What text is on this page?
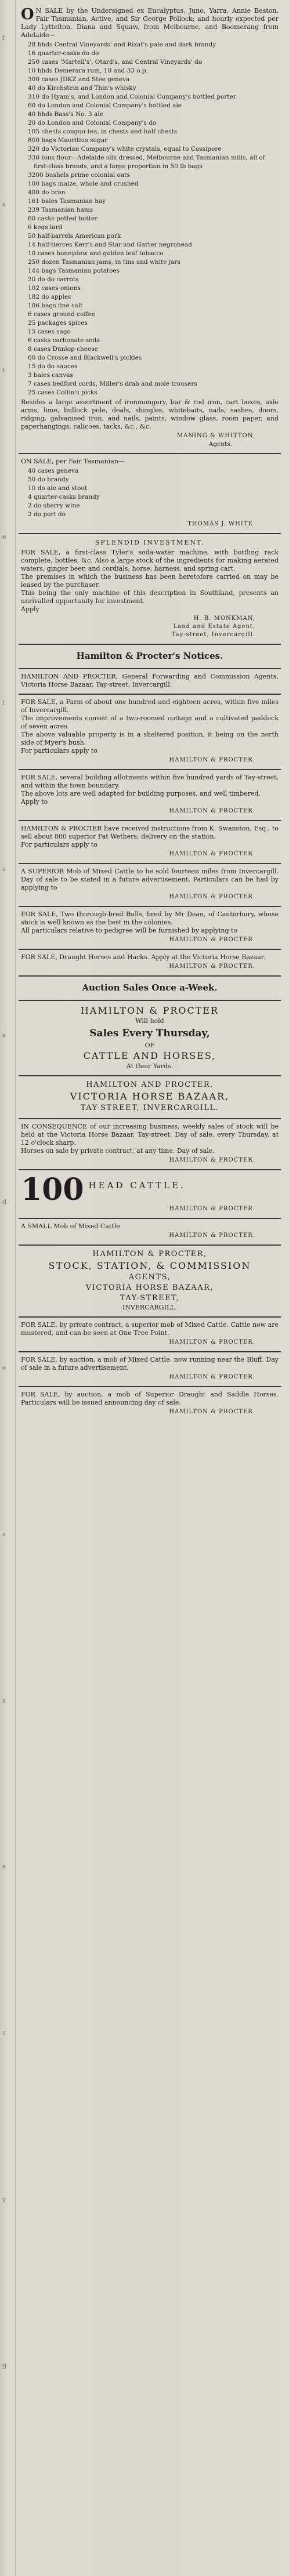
f
s
t
e
l
s
s
d
e
s
s
s
c
y
g

O N SALE by the Undersigned ex Eucalyptus, Juno, Yarra, Annie Beston, Fair Tasmanian, Active, and Sir George Pollock; and hourly expected per Lady Lyttelton, Diana and Squaw, from Melbourne, and Boomerang from Adelaide—

28 hhds Central Vineyards' and Rizat's pale and dark brandy
16 quarter-casks do do
250 cases 'Martell's', Otard's, and Central Vineyards' do
10 hhds Demerara rum, 10 and 33 o.p.
300 cases JDKZ and Stee geneva
40 do Kirchstein and Thin's whisky
310 do Hyam's, and London and Colonial Company's bottled porter
60 do London and Colonial Company's bottled ale
40 hhds Bass's No. 3 ale
20 do London and Colonial Company's do
105 chests congou tea, in chests and half chests
800 bags Mauritius sugar
320 do Victorian Company's white crystals, equal to Cossipore
330 tons flour—Adelaide silk dressed, Melbourne and Tasmanian mills, all of first-class brands, and a large proportion in 50 lb bags
3200 bushels prime colonial oats
100 bags maize, whole and crushed
400 do bran
161 bales Tasmanian hay
239 Tasmanian hams
60 casks potted butter
6 kegs lard
50 half-barrels American pork
14 half-tierces Kerr's and Star and Garter negrohead
10 cases honeydew and golden leaf tobacco
250 dozen Tasmanian jams, in tins and white jars
144 bags Tasmanian potatoes
20 do do carrots
102 cases onions
182 do apples
106 bags fine salt
6 cases ground coffee
25 packages spices
15 cases sago
6 casks carbonate soda
8 cases Dunlop cheese
60 do Crosse and Blackwell's pickles
15 do do sauces
3 bales canvas
7 cases bedford cords, Miller's drab and mole trousers
25 cases Collin's picks

Besides a large assortment of ironmongery, bar & rod iron, cart boxes, axle arms, lime, bullock pole, deals, shingles, whitebaits, nails, sashes, doors, ridging, galvanised iron, and nails, paints, window glass, room paper, and paperhangings, calicoes, tacks, &c., &c.

MANING & WHITTON,
Agents.

ON SALE, per Fair Tasmanian—

40 cases geneva
50 do brandy
10 do ale and stout
4 quarter-casks brandy
2 do sherry wine
2 do port do
THOMAS J. WHITE.
SPLENDID INVESTMENT.

FOR SALE, a first-class Tyler's soda-water machine, with bottling rack complete, bottles, &c. Also a large stock of the ingredients for making aerated waters, ginger beer, and cordials; horse, harness, and spring cart.

The premises in which the business has been heretofore carried on may be leased by the purchaser.

This being the only machine of this description in Southland, presents an unrivalled opportunity for investment.

Apply

H. B. MONKMAN,
Land and Estate Agent,
Tay-street, Invercargill.
Hamilton & Procter's Notices.

HAMILTON AND PROCTER, General Forwarding and Commission Agents, Victoria Horse Bazaar, Tay-street, Invercargill.

FOR SALE, a Farm of about one hundred and eighteen acres, within five miles of Invercargill.

The improvements consist of a two-roomed cottage and a cultivated paddock of seven acres.

The above valuable property is in a sheltered position, it being on the north side of Myer's bush.

For particulars apply to

HAMILTON & PROCTER.

FOR SALE, several building allotments within five hundred yards of Tay-street, and within the town boundary.

The above lots are well adapted for building purposes, and well timbered.

Apply to

HAMILTON & PROCTER.

HAMILTON & PROCTER have received instructions from K. Swanston, Esq., to sell about 800 superior Fat Wethers; delivery on the station.

For particulars apply to

HAMILTON & PROCTER.

A SUPERIOR Mob of Mixed Cattle to be sold fourteen miles from Invercargill. Day of sale to be stated in a future advertisement. Particulars can be had by applying to

HAMILTON & PROCTER.

FOR SALE, Two thorough-bred Bulls, bred by Mr Dean, of Canterbury, whose stock is well known as the best in the colonies.

All particulars relative to pedigree will be furnished by applying to

HAMILTON & PROCTER.

FOR SALE, Draught Horses and Hacks. Apply at the Victoria Horse Bazaar.

HAMILTON & PROCTER.
Auction Sales Once a-Week.
HAMILTON & PROCTER
Will hold
Sales Every Thursday,
OF
CATTLE AND HORSES,
At their Yards.
HAMILTON AND PROCTER,
VICTORIA HORSE BAZAAR,
TAY-STREET, INVERCARGILL.

IN CONSEQUENCE of our increasing business, weekly sales of stock will be held at the Victoria Horse Bazaar, Tay-street. Day of sale, every Thursday, at 12 o'clock sharp.

Horses on sale by private contract, at any time. Day of sale.

HAMILTON & PROCTER.
100 HEAD CATTLE.
HAMILTON & PROCTER.

A SMALL Mob of Mixed Cattle

HAMILTON & PROCTER.
HAMILTON & PROCTER,
STOCK, STATION, & COMMISSION
AGENTS,
VICTORIA HORSE BAZAAR,
TAY-STREET,
INVERCARGILL.

FOR SALE, by private contract, a superior mob of Mixed Cattle. Cattle now are mustered, and can be seen at One Tree Point.

HAMILTON & PROCTER.

FOR SALE, by auction, a mob of Mixed Cattle, now running near the Bluff. Day of sale in a future advertisement.

HAMILTON & PROCTER.

FOR SALE, by auction, a mob of Superior Draught and Saddle Horses. Particulars will be issued announcing day of sale.

HAMILTON & PROCTER.
